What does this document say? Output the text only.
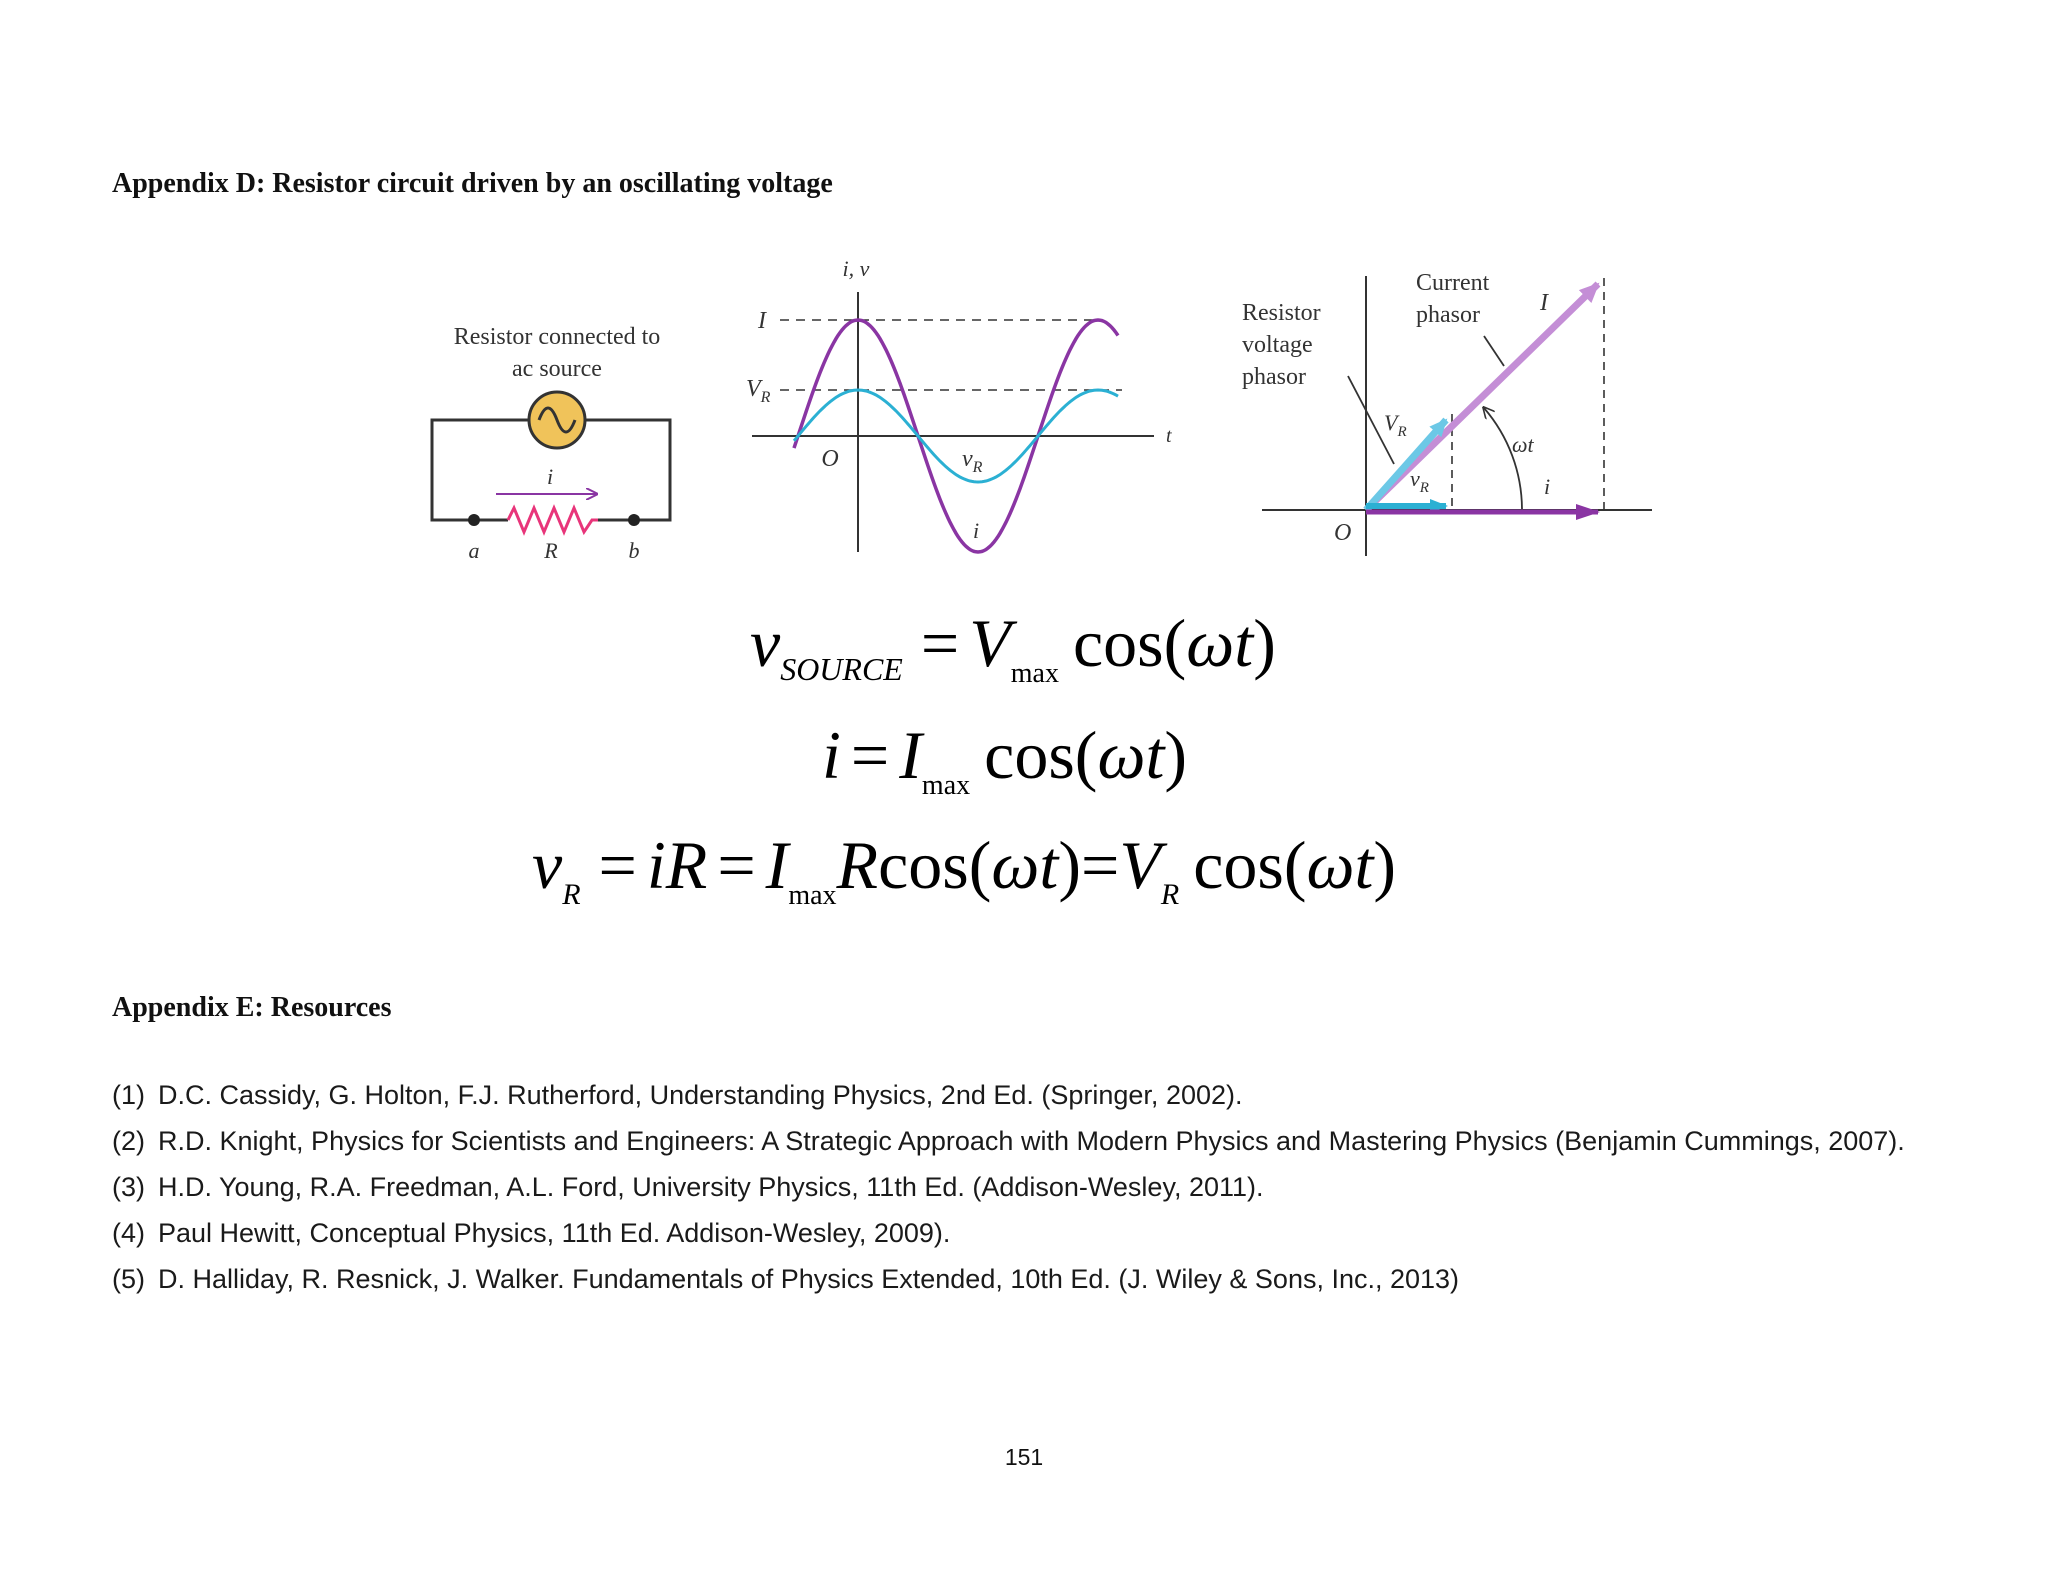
Appendix D: Resistor circuit driven by an oscillating voltage
Resistor connected to
ac source
i
R
a	b
i, v
t
O
I
$V_R$
$v_R$
i
Resistor
voltage
phasor
Current
phasor	I
$V_R$
$v_R$	i
ωt
O
$v_{SOURCE} = V_{max}$ cos(ωt)
$i = I_{max}$ cos(ωt)
$v_R$ = iR = $I_{max}Rcos(\omega t)=V_R$ cos(ωt)
Appendix E: Resources
(1) D.C. Cassidy, G. Holton, F.J. Rutherford, Understanding Physics, 2nd Ed. (Springer, 2002).
(2) R.D. Knight, Physics for Scientists and Engineers: A Strategic Approach with Modern Physics and Mastering Physics (Benjamin Cummings, 2007).
(3) H.D. Young, R.A. Freedman, A.L. Ford, University Physics, 11th Ed. (Addison-Wesley, 2011).
(4) Paul Hewitt, Conceptual Physics, 11th Ed. Addison-Wesley, 2009).
(5) D. Halliday, R. Resnick, J. Walker. Fundamentals of Physics Extended, 10th Ed. (J. Wiley & Sons, Inc., 2013)
151
